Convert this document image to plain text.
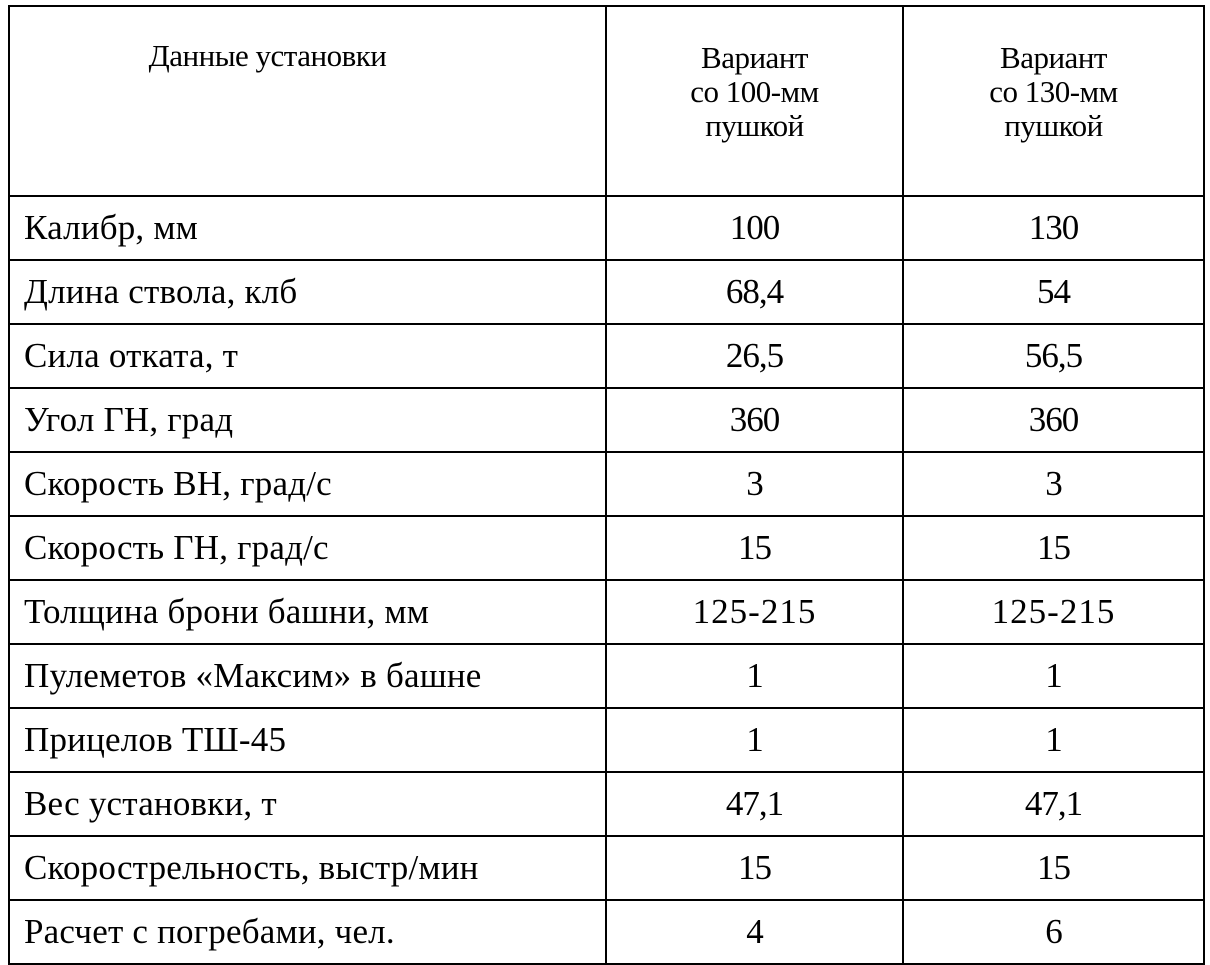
Данные установки	Вариант
со 100-мм
пушкой	Вариант
со 130-мм
пушкой

Калибр, мм	100	130
Длина ствола, клб	68,4	54
Сила отката, т	26,5	56,5
Угол ГН, град	360	360
Скорость ВН, град/с	3	3
Скорость ГН, град/с	15	15
Толщина брони башни, мм	125-215	125-215
Пулеметов «Максим» в башне	1	1
Прицелов ТШ-45	1	1
Вес установки, т	47,1	47,1
Скорострельность, выстр/мин	15	15
Расчет с погребами, чел.	4	6
